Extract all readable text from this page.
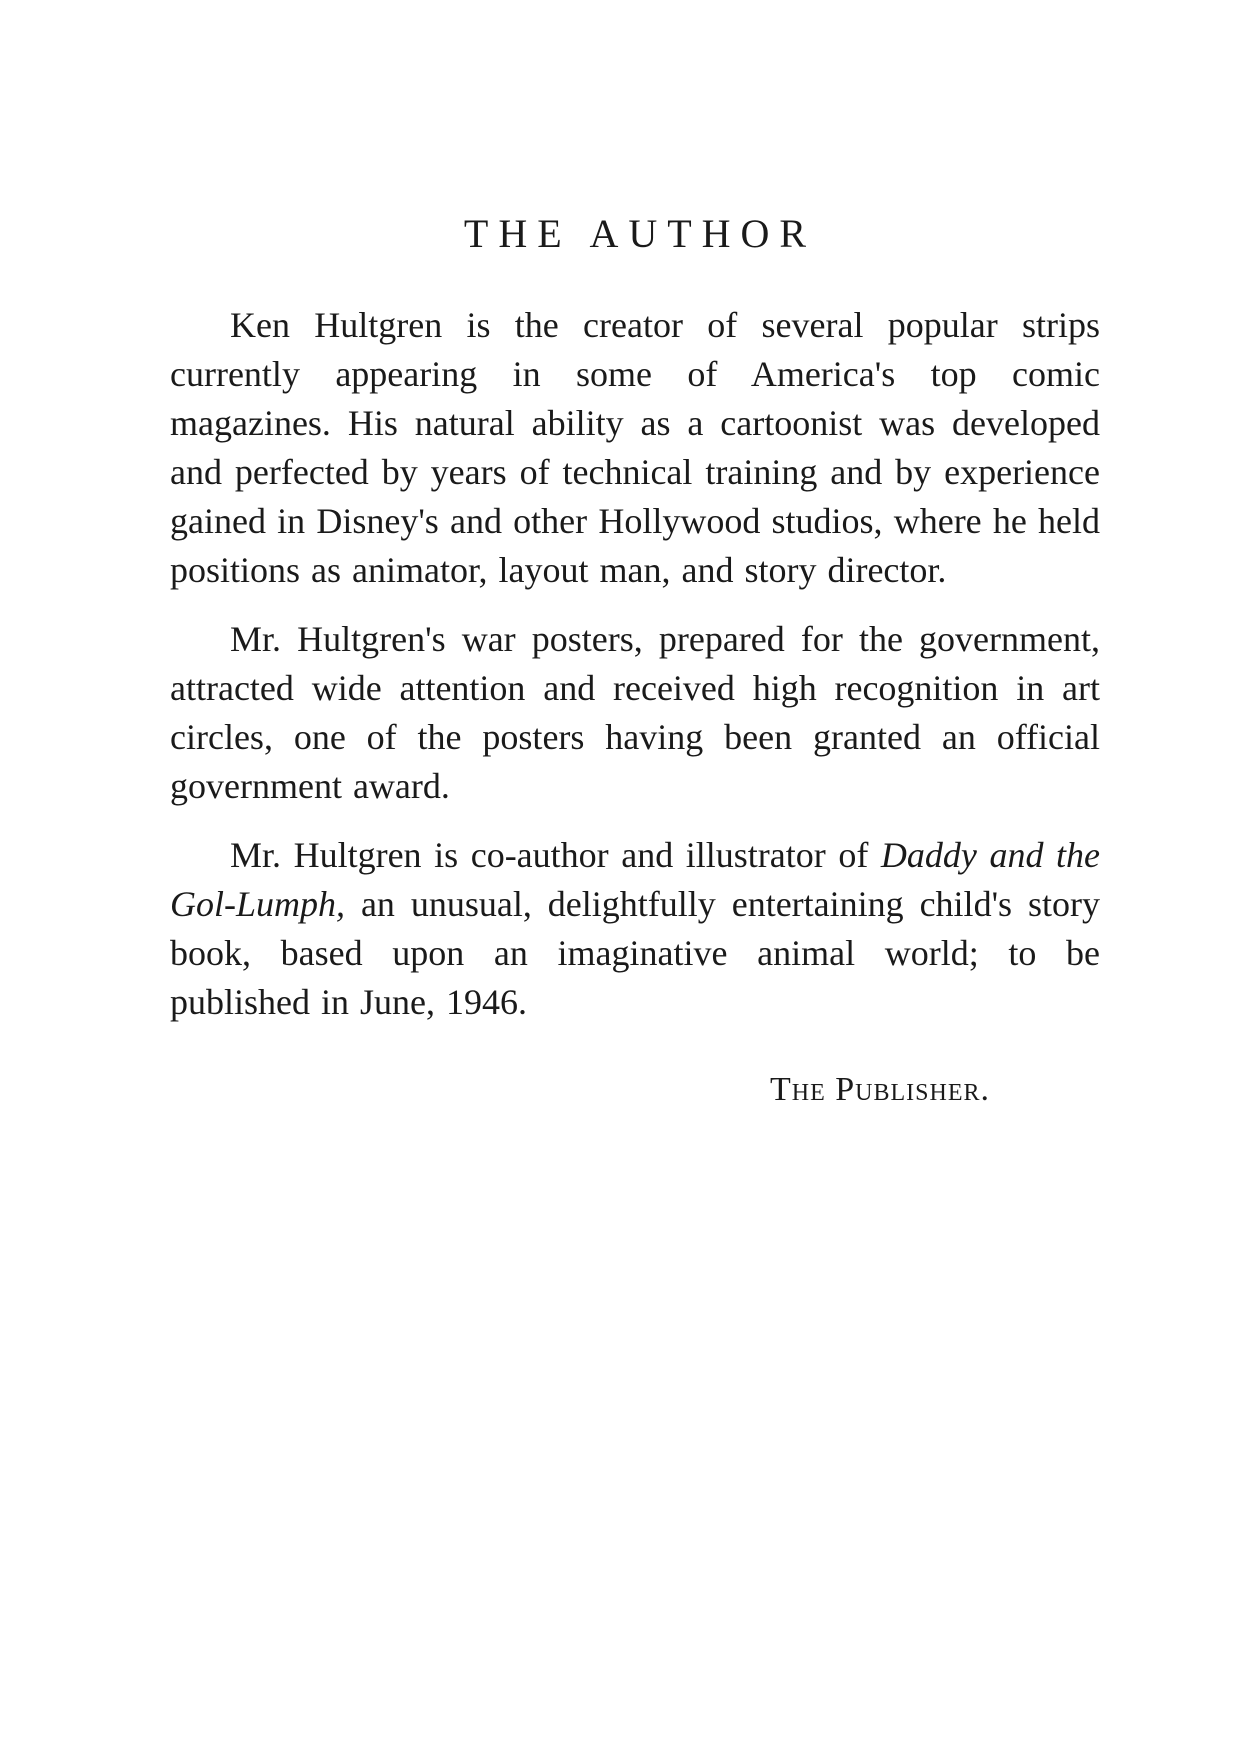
THE AUTHOR

Ken Hultgren is the creator of several popular strips currently appearing in some of America's top comic magazines. His natural ability as a cartoonist was developed and perfected by years of technical training and by experience gained in Disney's and other Hollywood studios, where he held positions as animator, layout man, and story director.

Mr. Hultgren's war posters, prepared for the government, attracted wide attention and received high recognition in art circles, one of the posters having been granted an official government award.

Mr. Hultgren is co-author and illustrator of Daddy and the Gol-Lumph, an unusual, delightfully entertaining child's story book, based upon an imaginative animal world; to be published in June, 1946.

The Publisher.
